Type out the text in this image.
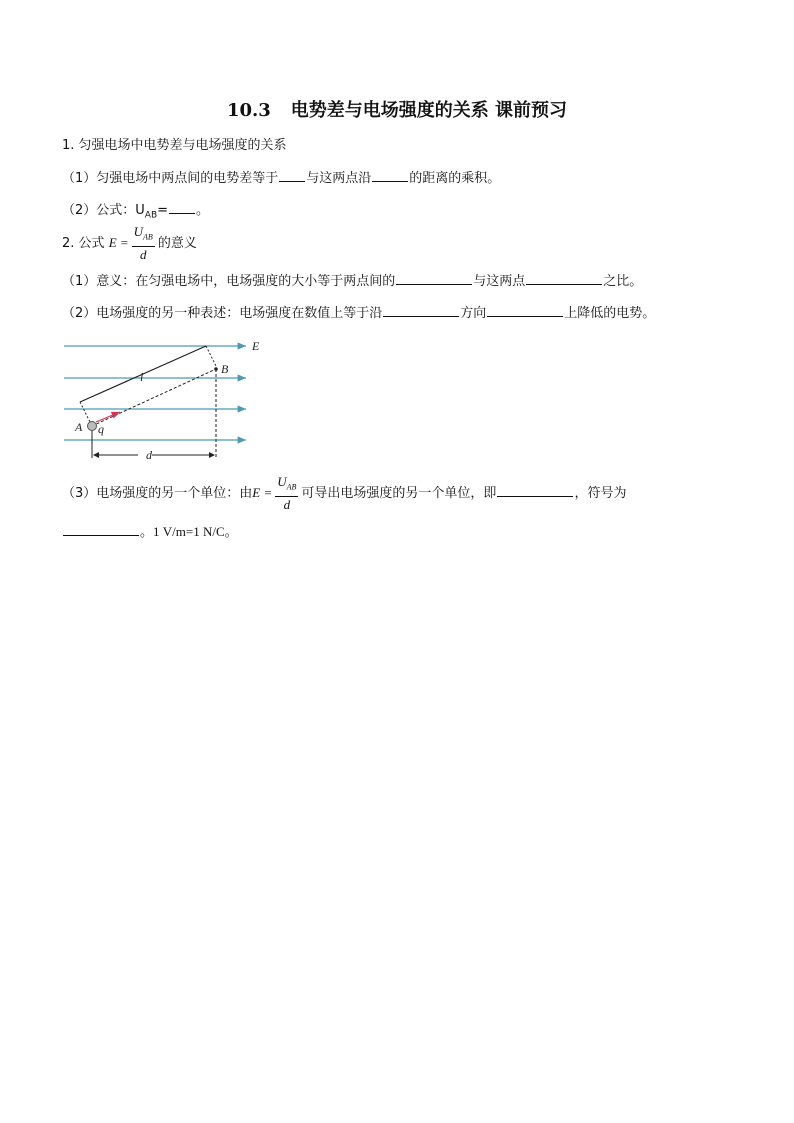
10.3 电势差与电场强度的关系 课前预习
1. 匀强电场中电势差与电场强度的关系
（1）匀强电场中两点间的电势差等于 与这两点沿	的距离的乘积。
（2）公式：$U_{AB}=$ 。
2. 公式 $E = \frac{U_{AB}}{d}$ 的意义
（1）意义：在匀强电场中，电场强度的大小等于两点间的	与这两点	之比。
（2）电场强度的另一种表述：电场强度在数值上等于沿	方向	上降低的电势。
E
B
A q
l
d
（3）电场强度的另一个单位：由$E = \frac{U_{AB}}{d}$ 可导出电场强度的另一个单位，即	，符号为
。1 V/m=1 N/C。
